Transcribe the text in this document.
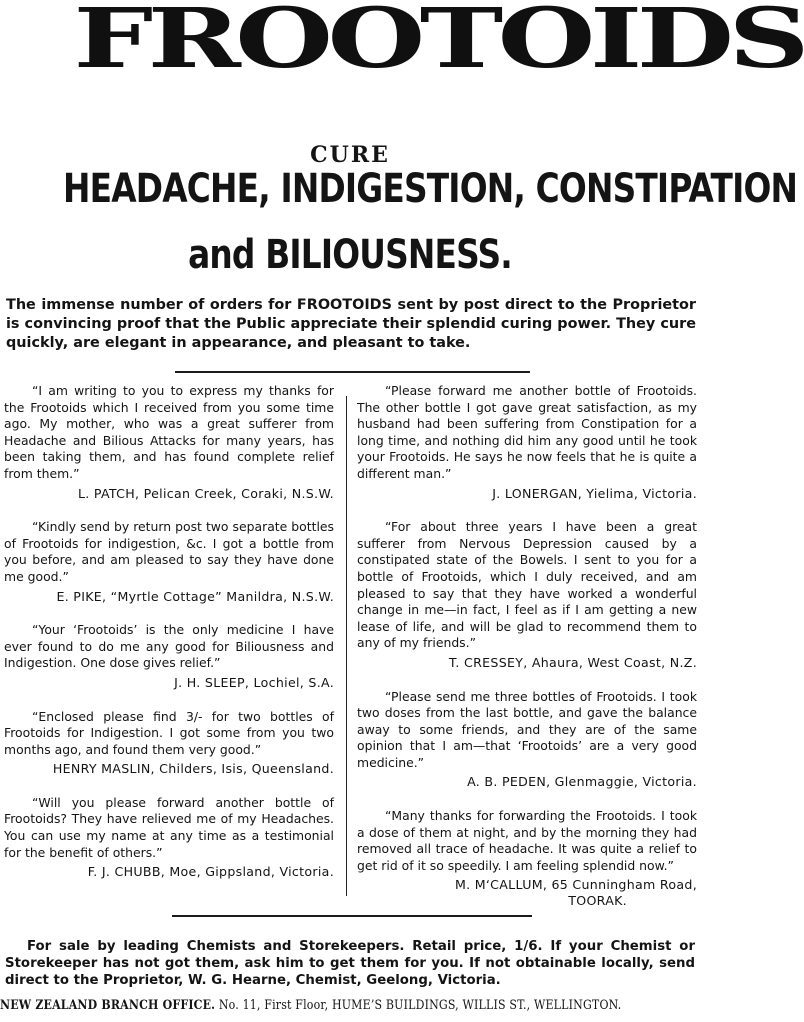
FROOTOIDS
CURE
HEADACHE, INDIGESTION, CONSTIPATION
and BILIOUSNESS.
The immense number of orders for FROOTOIDS sent by post direct to the Proprietor is convincing proof that the Public appreciate their splendid curing power. They cure quickly, are elegant in appearance, and pleasant to take.

“I am writing to you to express my thanks for the Frootoids which I received from you some time ago. My mother, who was a great sufferer from Headache and Bilious Attacks for many years, has been taking them, and has found complete relief from them.”

L. PATCH, Pelican Creek, Coraki, N.S.W.

“Kindly send by return post two separate bottles of Frootoids for indigestion, &c. I got a bottle from you before, and am pleased to say they have done me good.”

E. PIKE, “Myrtle Cottage” Manildra, N.S.W.

“Your ‘Frootoids’ is the only medicine I have ever found to do me any good for Biliousness and Indigestion. One dose gives relief.”

J. H. SLEEP, Lochiel, S.A.

“Enclosed please find 3/- for two bottles of Frootoids for Indigestion. I got some from you two months ago, and found them very good.”

HENRY MASLIN, Childers, Isis, Queensland.

“Will you please forward another bottle of Frootoids? They have relieved me of my Headaches. You can use my name at any time as a testimonial for the benefit of others.”

F. J. CHUBB, Moe, Gippsland, Victoria.

“Please forward me another bottle of Frootoids. The other bottle I got gave great satisfaction, as my husband had been suffering from Constipation for a long time, and nothing did him any good until he took your Frootoids. He says he now feels that he is quite a different man.”

J. LONERGAN, Yielima, Victoria.

“For about three years I have been a great sufferer from Nervous Depression caused by a constipated state of the Bowels. I sent to you for a bottle of Frootoids, which I duly received, and am pleased to say that they have worked a wonderful change in me—in fact, I feel as if I am getting a new lease of life, and will be glad to recommend them to any of my friends.”

T. CRESSEY, Ahaura, West Coast, N.Z.

“Please send me three bottles of Frootoids. I took two doses from the last bottle, and gave the balance away to some friends, and they are of the same opinion that I am—that ‘Frootoids’ are a very good medicine.”

A. B. PEDEN, Glenmaggie, Victoria.

“Many thanks for forwarding the Frootoids. I took a dose of them at night, and by the morning they had removed all trace of headache. It was quite a relief to get rid of it so speedily. I am feeling splendid now.”

M. M‘CALLUM, 65 Cunningham Road,

TOORAK.

For sale by leading Chemists and Storekeepers. Retail price, 1/6. If your Chemist or Storekeeper has not got them, ask him to get them for you. If not obtainable locally, send direct to the Proprietor, W. G. Hearne, Chemist, Geelong, Victoria.
NEW ZEALAND BRANCH OFFICE. No. 11, First Floor, HUME’S BUILDINGS, WILLIS ST., WELLINGTON.
